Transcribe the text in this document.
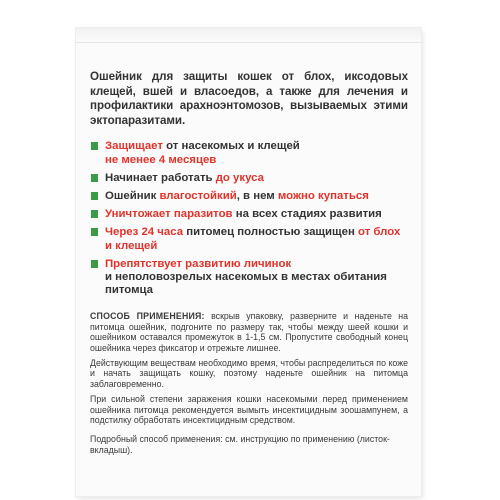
Ошейник для защиты кошек от блох, иксодовых клещей, вшей и власоедов, а также для лечения и профилактики арахноэнтомозов, вызываемых этими эктопаразитами.

Защищает от насекомых и клещей
не менее 4 месяцев
Начинает работать до укуса
Ошейник влагостойкий, в нем можно купаться
Уничтожает паразитов на всех стадиях развития
Через 24 часа питомец полностью защищен от блох и клещей
Препятствует развитию личинок
и неполовозрелых насекомых в местах обитания питомца

СПОСОБ ПРИМЕНЕНИЯ: вскрыв упаковку, разверните и наденьте на питомца ошейник, подгоните по размеру так, чтобы между шеей кошки и ошейником оставался промежуток в 1-1,5 см. Пропустите свободный конец ошейника через фиксатор и отрежьте лишнее.

Действующим веществам необходимо время, чтобы распределиться по коже и начать защищать кошку, поэтому наденьте ошейник на питомца заблаговременно.

При сильной степени заражения кошки насекомыми перед применением ошейника питомца рекомендуется вымыть инсектицидным зоошампунем, а подстилку обработать инсектицидным средством.

Подробный способ применения: см. инструкцию по применению (листок-вкладыш).
